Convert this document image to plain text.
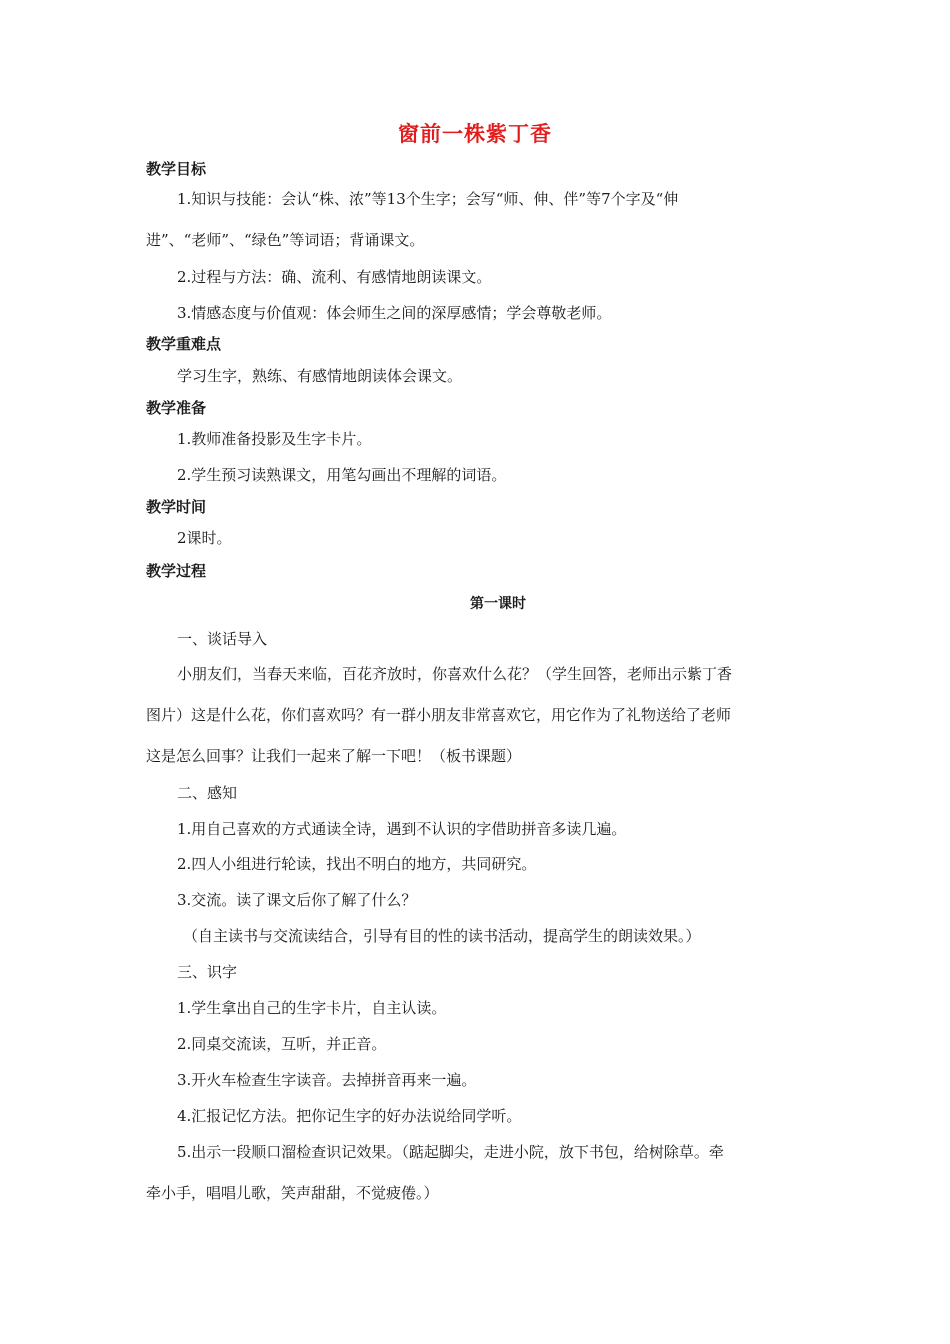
窗前一株紫丁香
教学目标
1.知识与技能：会认“株、浓”等13个生字；会写“师、伸、伴”等7个字及“伸
进”、“老师”、“绿色”等词语；背诵课文。
2.过程与方法：确、流利、有感情地朗读课文。
3.情感态度与价值观：体会师生之间的深厚感情；学会尊敬老师。
教学重难点
学习生字，熟练、有感情地朗读体会课文。
教学准备
1.教师准备投影及生字卡片。
2.学生预习读熟课文，用笔勾画出不理解的词语。
教学时间
2课时。
教学过程
第一课时
一、谈话导入
小朋友们，当春天来临，百花齐放时，你喜欢什么花？（学生回答，老师出示紫丁香
图片）这是什么花，你们喜欢吗？有一群小朋友非常喜欢它，用它作为了礼物送给了老师
这是怎么回事？让我们一起来了解一下吧！（板书课题）
二、感知
1.用自己喜欢的方式通读全诗，遇到不认识的字借助拼音多读几遍。
2.四人小组进行轮读，找出不明白的地方，共同研究。
3.交流。读了课文后你了解了什么？
（自主读书与交流读结合，引导有目的性的读书活动，提高学生的朗读效果。）
三、识字
1.学生拿出自己的生字卡片，自主认读。
2.同桌交流读，互听，并正音。
3.开火车检查生字读音。去掉拼音再来一遍。
4.汇报记忆方法。把你记生字的好办法说给同学听。
5.出示一段顺口溜检查识记效果。（踮起脚尖，走进小院，放下书包，给树除草。牵
牵小手，唱唱儿歌，笑声甜甜，不觉疲倦。）
